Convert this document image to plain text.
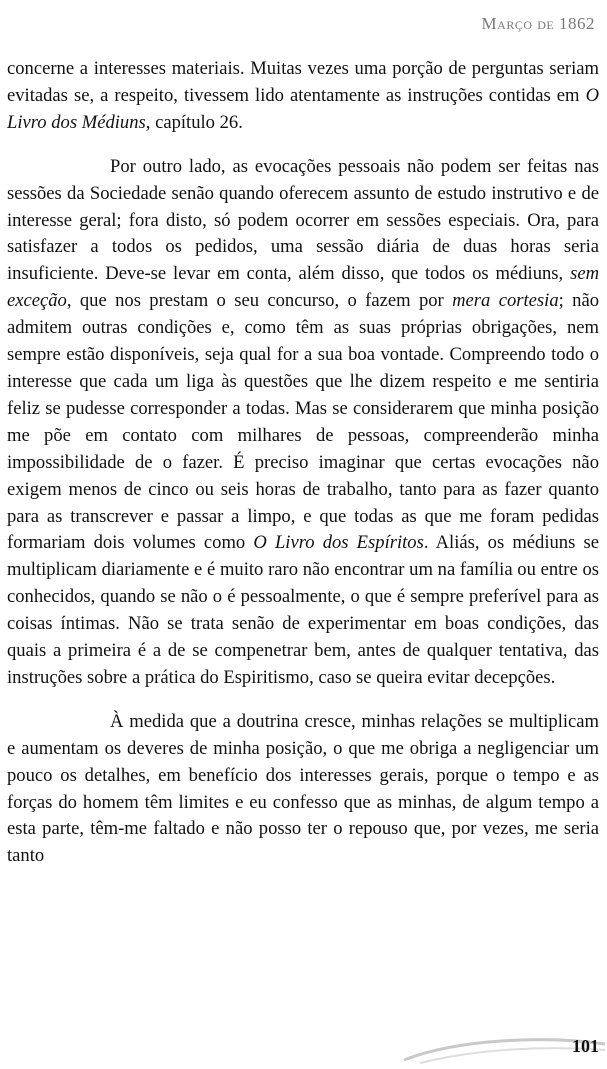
Março de 1862

concerne a interesses materiais. Muitas vezes uma porção de perguntas seriam evitadas se, a respeito, tivessem lido atentamente as instruções contidas em O Livro dos Médiuns, capítulo 26.

Por outro lado, as evocações pessoais não podem ser feitas nas sessões da Sociedade senão quando oferecem assunto de estudo instrutivo e de interesse geral; fora disto, só podem ocorrer em sessões especiais. Ora, para satisfazer a todos os pedidos, uma sessão diária de duas horas seria insuficiente. Deve-se levar em conta, além disso, que todos os médiuns, sem exceção, que nos prestam o seu concurso, o fazem por mera cortesia; não admitem outras condições e, como têm as suas próprias obrigações, nem sempre estão disponíveis, seja qual for a sua boa vontade. Compreendo todo o interesse que cada um liga às questões que lhe dizem respeito e me sentiria feliz se pudesse corresponder a todas. Mas se considerarem que minha posição me põe em contato com milhares de pessoas, compreenderão minha impossibilidade de o fazer. É preciso imaginar que certas evocações não exigem menos de cinco ou seis horas de trabalho, tanto para as fazer quanto para as transcrever e passar a limpo, e que todas as que me foram pedidas formariam dois volumes como O Livro dos Espíritos. Aliás, os médiuns se multiplicam diariamente e é muito raro não encontrar um na família ou entre os conhecidos, quando se não o é pessoalmente, o que é sempre preferível para as coisas íntimas. Não se trata senão de experimentar em boas condições, das quais a primeira é a de se compenetrar bem, antes de qualquer tentativa, das instruções sobre a prática do Espiritismo, caso se queira evitar decepções.

À medida que a doutrina cresce, minhas relações se multiplicam e aumentam os deveres de minha posição, o que me obriga a negligenciar um pouco os detalhes, em benefício dos interesses gerais, porque o tempo e as forças do homem têm limites e eu confesso que as minhas, de algum tempo a esta parte, têm-me faltado e não posso ter o repouso que, por vezes, me seria tanto

101
